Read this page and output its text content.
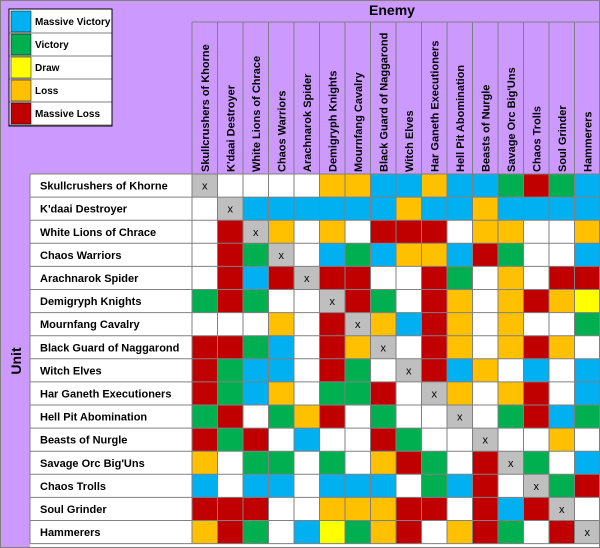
Massive Victory
Victory
Draw
Loss
Massive Loss
Enemy
Unit
Skullcrushers of Khorne K'daai Destroyer White Lions of Chrace Chaos Warriors Arachnarok Spider Demigryph Knights Mournfang Cavalry Black Guard of Naggarond Witch Elves Har Ganeth Executioners Hell Pit Abomination Beasts of Nurgle Savage Orc Big'Uns Chaos Trolls Soul Grinder Hammerers
Skullcrushers of Khorne
K'daai Destroyer
White Lions of Chrace
Chaos Warriors
Arachnarok Spider
Demigryph Knights
Mournfang Cavalry
Black Guard of Naggarond
Witch Elves
Har Ganeth Executioners
Hell Pit Abomination
Beasts of Nurgle
Savage Orc Big'Uns
Chaos Trolls
Soul Grinder
Hammerers
x
x
x
x
x
x
x
x
x
x
x
x
x
x
x
x
